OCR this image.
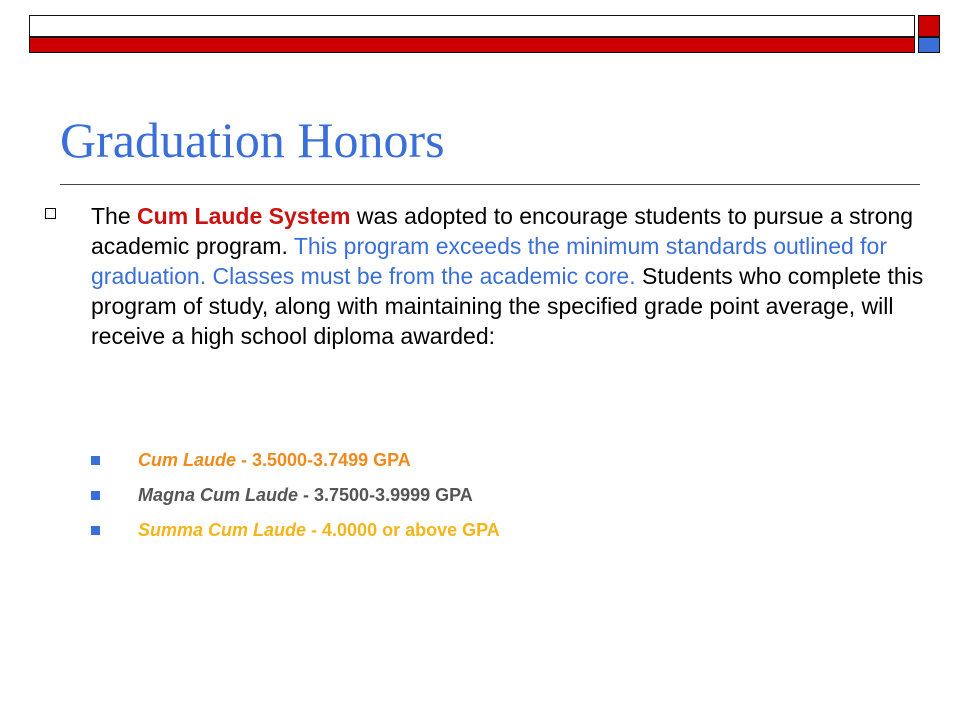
Graduation Honors
The Cum Laude System was adopted to encourage students to pursue a strong academic program. This program exceeds the minimum standards outlined for graduation. Classes must be from the academic core. Students who complete this program of study, along with maintaining the specified grade point average, will receive a high school diploma awarded:
Cum Laude - 3.5000-3.7499 GPA
Magna Cum Laude - 3.7500-3.9999 GPA
Summa Cum Laude - 4.0000 or above GPA
